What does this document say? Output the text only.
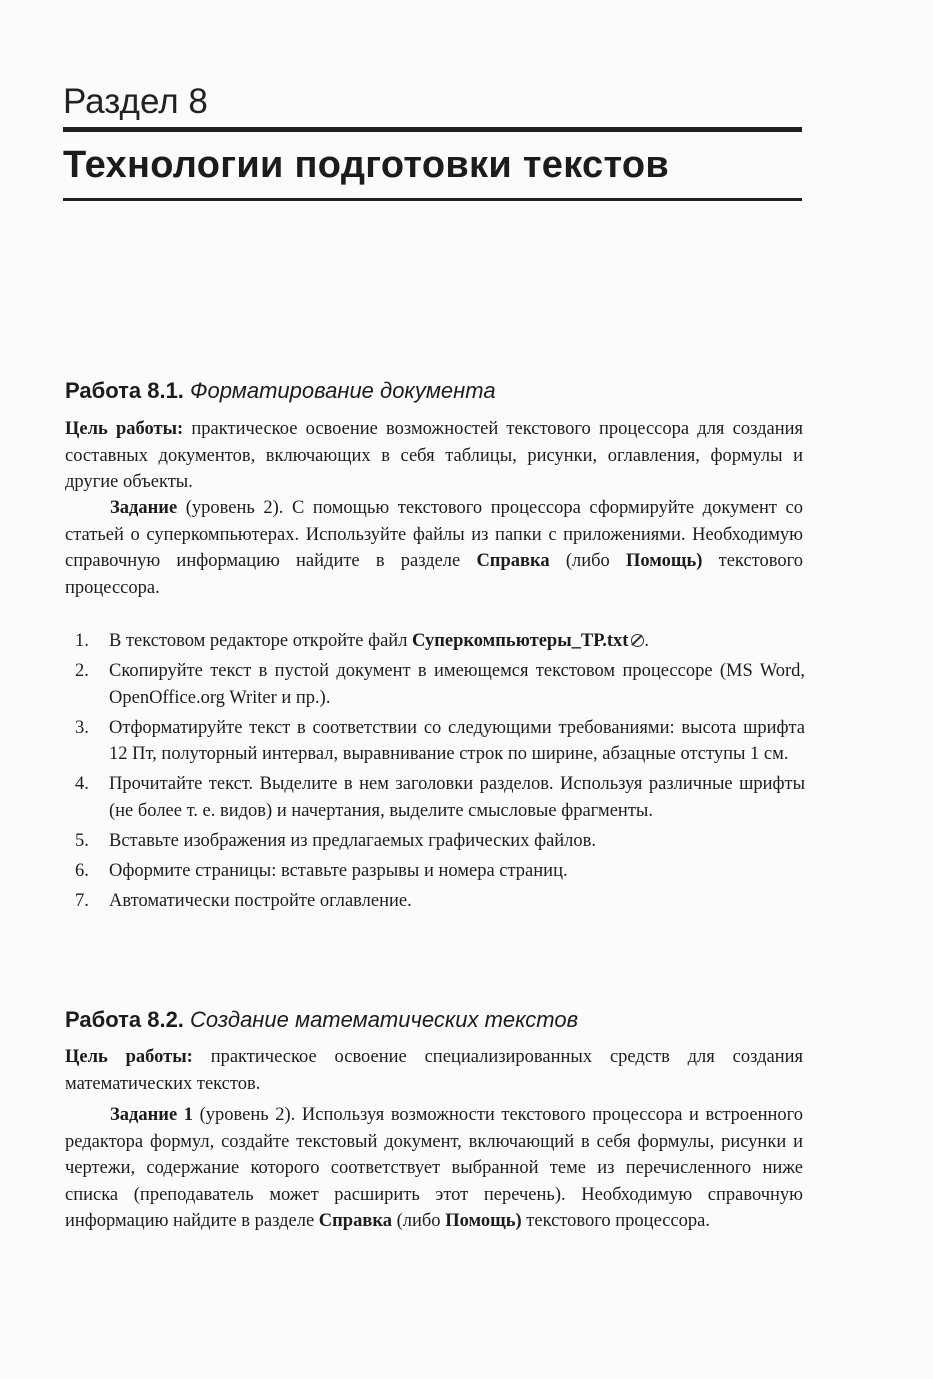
Раздел 8
Технологии подготовки текстов
Работа 8.1. Форматирование документа

Цель работы: практическое освоение возможностей текстового процессора для создания составных документов, включающих в себя таблицы, рисунки, оглавления, формулы и другие объекты.

Задание (уровень 2). С помощью текстового процессора сформируйте документ со статьей о суперкомпьютерах. Используйте файлы из папки с приложениями. Необходимую справочную информацию найдите в разделе Справка (либо Помощь) текстового процессора.

1. В текстовом редакторе откройте файл Суперкомпьютеры_ТР.txt .
2. Скопируйте текст в пустой документ в имеющемся текстовом процессоре (MS Word, OpenOffice.org Writer и пр.).
3. Отформатируйте текст в соответствии со следующими требованиями: высота шрифта 12 Пт, полуторный интервал, выравнивание строк по ширине, абзацные отступы 1 см.
4. Прочитайте текст. Выделите в нем заголовки разделов. Используя различные шрифты (не более т. е. видов) и начертания, выделите смысловые фрагменты.
5. Вставьте изображения из предлагаемых графических файлов.
6. Оформите страницы: вставьте разрывы и номера страниц.
7. Автоматически постройте оглавление.
Работа 8.2. Создание математических текстов

Цель работы: практическое освоение специализированных средств для создания математических текстов.

Задание 1 (уровень 2). Используя возможности текстового процессора и встроенного редактора формул, создайте текстовый документ, включающий в себя формулы, рисунки и чертежи, содержание которого соответствует выбранной теме из перечисленного ниже списка (преподаватель может расширить этот перечень). Необходимую справочную информацию найдите в разделе Справка (либо Помощь) текстового процессора.
